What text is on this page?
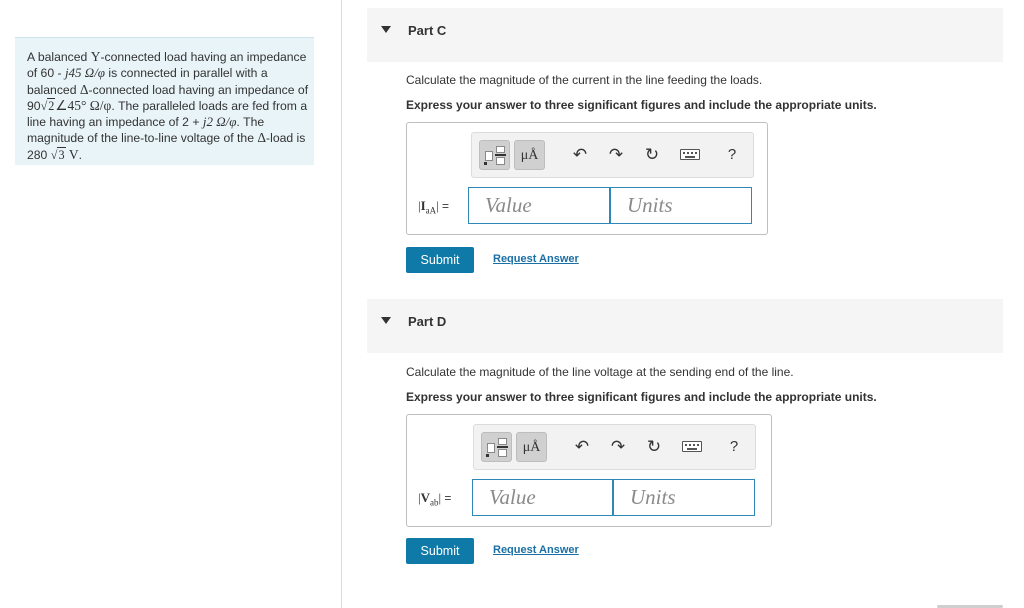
A balanced Y-connected load having an impedance of 60 - j45 Ω/φ is connected in parallel with a balanced Δ-connected load having an impedance of 90√2∠45° Ω/φ. The paralleled loads are fed from a line having an impedance of 2 + j2 Ω/φ. The magnitude of the line-to-line voltage of the Δ-load is 280 √3 V.
Part C
Calculate the magnitude of the current in the line feeding the loads.
Express your answer to three significant figures and include the appropriate units.
μÅ	↶ ↷ ↻	?
$|I_{aA}|$ =	Value	Units
Submit	Request Answer
Part D
Calculate the magnitude of the line voltage at the sending end of the line.
Express your answer to three significant figures and include the appropriate units.
μÅ	↶ ↷ ↻	?
$|V_{ab}|$ =	Value	Units
Submit	Request Answer
